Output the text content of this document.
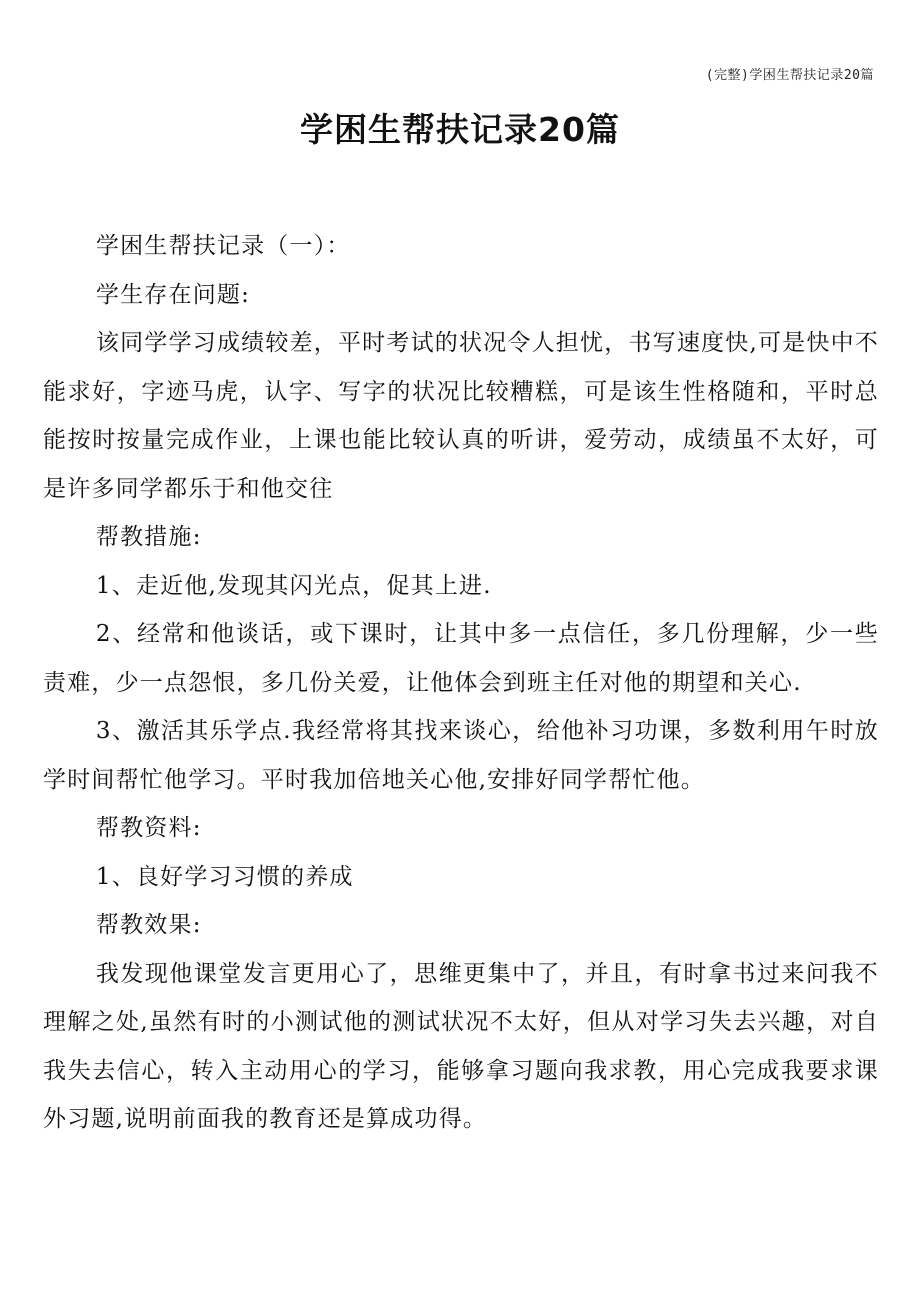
(完整)学困生帮扶记录20篇
学困生帮扶记录20篇

学困生帮扶记录（一）：

学生存在问题:

该同学学习成绩较差，平时考试的状况令人担忧，书写速度快,可是快中不能求好，字迹马虎，认字、写字的状况比较糟糕，可是该生性格随和，平时总能按时按量完成作业，上课也能比较认真的听讲，爱劳动，成绩虽不太好，可是许多同学都乐于和他交往

帮教措施:

1、走近他,发现其闪光点，促其上进.

2、经常和他谈话，或下课时，让其中多一点信任，多几份理解，少一些责难，少一点怨恨，多几份关爱，让他体会到班主任对他的期望和关心.

3、激活其乐学点.我经常将其找来谈心，给他补习功课，多数利用午时放学时间帮忙他学习。平时我加倍地关心他,安排好同学帮忙他。

帮教资料:

1、良好学习习惯的养成

帮教效果:

我发现他课堂发言更用心了，思维更集中了，并且，有时拿书过来问我不理解之处,虽然有时的小测试他的测试状况不太好，但从对学习失去兴趣，对自我失去信心，转入主动用心的学习，能够拿习题向我求教，用心完成我要求课外习题,说明前面我的教育还是算成功得。
